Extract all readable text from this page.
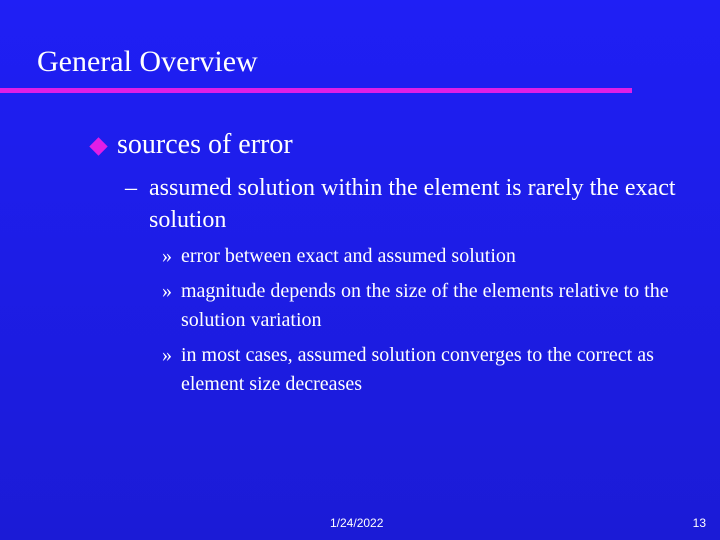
General Overview
sources of error
– assumed solution within the element is rarely the exact solution
» error between exact and assumed solution
» magnitude depends on the size of the elements relative to the solution variation
» in most cases, assumed solution converges to the correct as element size decreases
1/24/2022	13
